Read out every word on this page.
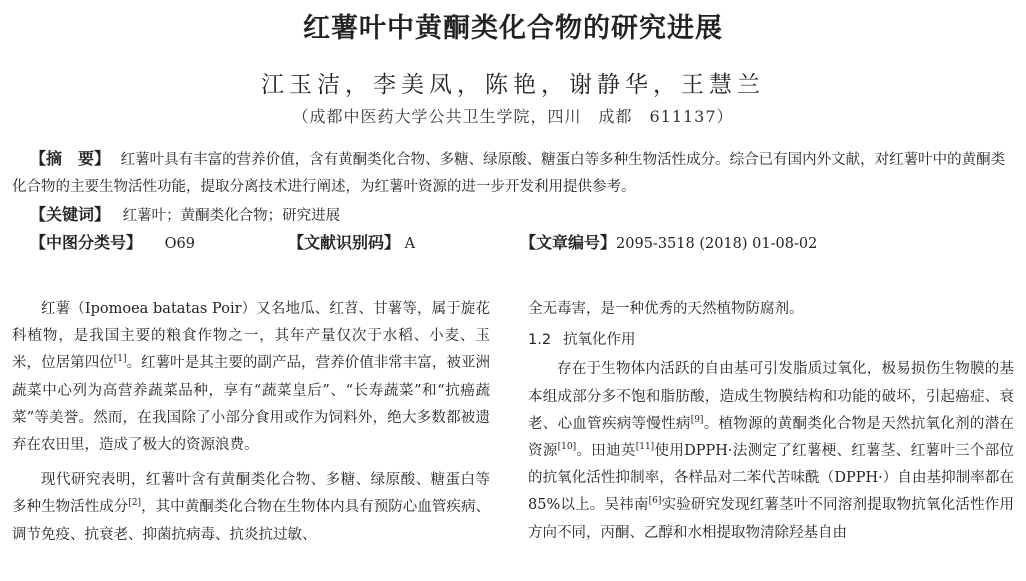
红薯叶中黄酮类化合物的研究进展
江玉洁，李美凤，陈艳，谢静华，王慧兰
（成都中医药大学公共卫生学院，四川　成都　611137）
【摘　要】 红薯叶具有丰富的营养价值，含有黄酮类化合物、多糖、绿原酸、糖蛋白等多种生物活性成分。综合已有国内外文献，对红薯叶中的黄酮类化合物的主要生物活性功能，提取分离技术进行阐述，为红薯叶资源的进一步开发利用提供参考。
【关键词】 红薯叶；黄酮类化合物；研究进展
【中图分类号】 O69	【文献识别码】 A	【文章编号】2095-3518 (2018) 01-08-02

红薯（Ipomoea batatas Poir）又名地瓜、红苕、甘薯等，属于旋花科植物，是我国主要的粮食作物之一，其年产量仅次于水稻、小麦、玉米，位居第四位[1]。红薯叶是其主要的副产品，营养价值非常丰富，被亚洲蔬菜中心列为高营养蔬菜品种，享有“蔬菜皇后”、“长寿蔬菜”和“抗癌蔬菜”等美誉。然而，在我国除了小部分食用或作为饲料外，绝大多数都被遗弃在农田里，造成了极大的资源浪费。

现代研究表明，红薯叶含有黄酮类化合物、多糖、绿原酸、糖蛋白等多种生物活性成分[2]，其中黄酮类化合物在生物体内具有预防心血管疾病、调节免疫、抗衰老、抑菌抗病毒、抗炎抗过敏、

全无毒害，是一种优秀的天然植物防腐剂。

1.2 抗氧化作用

存在于生物体内活跃的自由基可引发脂质过氧化，极易损伤生物膜的基本组成部分多不饱和脂肪酸，造成生物膜结构和功能的破坏，引起癌症、衰老、心血管疾病等慢性病[9]。植物源的黄酮类化合物是天然抗氧化剂的潜在资源[10]。田迪英[11]使用DPPH·法测定了红薯梗、红薯茎、红薯叶三个部位的抗氧化活性抑制率，各样品对二苯代苦味酰（DPPH·）自由基抑制率都在85%以上。吴祎南[6]实验研究发现红薯茎叶不同溶剂提取物抗氧化活性作用方向不同，丙酮、乙醇和水相提取物清除羟基自由
